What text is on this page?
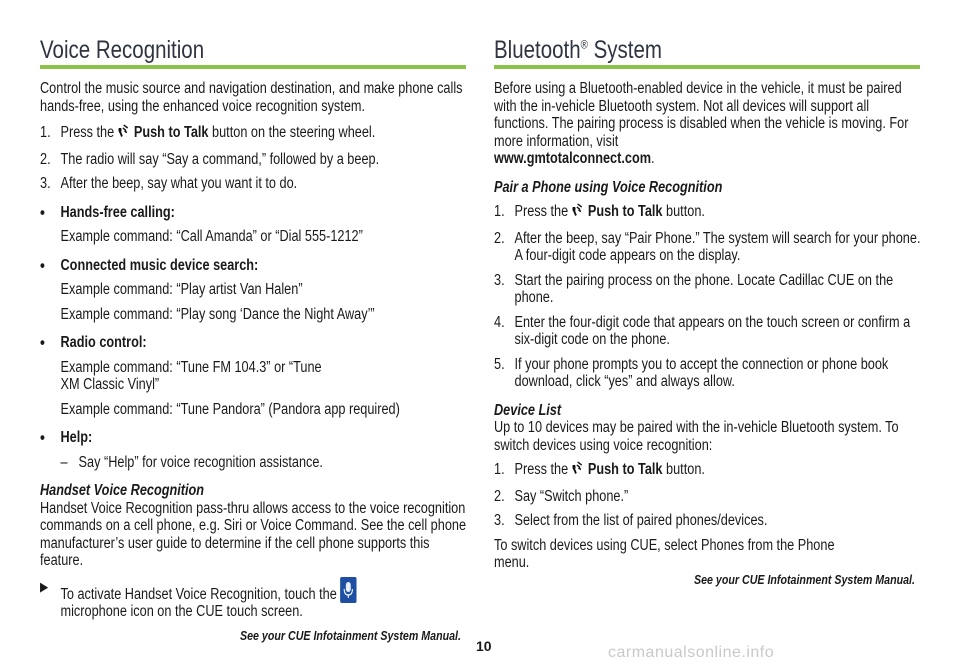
Voice Recognition

Control the music source and navigation destination, and make phone calls hands-free, using the enhanced voice recognition system.

1. Press the Push to Talk button on the steering wheel.
2. The radio will say “Say a command,” followed by a beep.
3. After the beep, say what you want it to do.
•	Hands-free calling:

Example command: “Call Amanda” or “Dial 555-1212”

•	Connected music device search:

Example command: “Play artist Van Halen”

Example command: “Play song ‘Dance the Night Away’”

•	Radio control:

Example command: “Tune FM 104.3” or “Tune XM Classic Vinyl”

Example command: “Tune Pandora” (Pandora app required)

•	Help:
– Say “Help” for voice recognition assistance.

Handset Voice Recognition

Handset Voice Recognition pass-thru allows access to the voice recognition commands on a cell phone, e.g. Siri or Voice Command. See the cell phone manufacturer’s user guide to determine if the cell phone supports this feature.

▶ To activate Handset Voice Recognition, touch the
microphone icon on the CUE touch screen.
See your CUE Infotainment System Manual.
10
Bluetooth® System

Before using a Bluetooth-enabled device in the vehicle, it must be paired with the in-vehicle Bluetooth system. Not all devices will support all functions. The pairing process is disabled when the vehicle is moving. For more information, visit
www.gmtotalconnect.com.

Pair a Phone using Voice Recognition

1. Press the Push to Talk button.
2. After the beep, say “Pair Phone.” The system will search for your phone. A four-digit code appears on the display.
3. Start the pairing process on the phone. Locate Cadillac CUE on the phone.
4. Enter the four-digit code that appears on the touch screen or confirm a six-digit code on the phone.
5. If your phone prompts you to accept the connection or phone book download, click “yes” and always allow.

Device List

Up to 10 devices may be paired with the in-vehicle Bluetooth system. To switch devices using voice recognition:

1. Press the Push to Talk button.
2. Say “Switch phone.”
3. Select from the list of paired phones/devices.

To switch devices using CUE, select Phones from the Phone menu.

See your CUE Infotainment System Manual.
carmanualsonline.info
